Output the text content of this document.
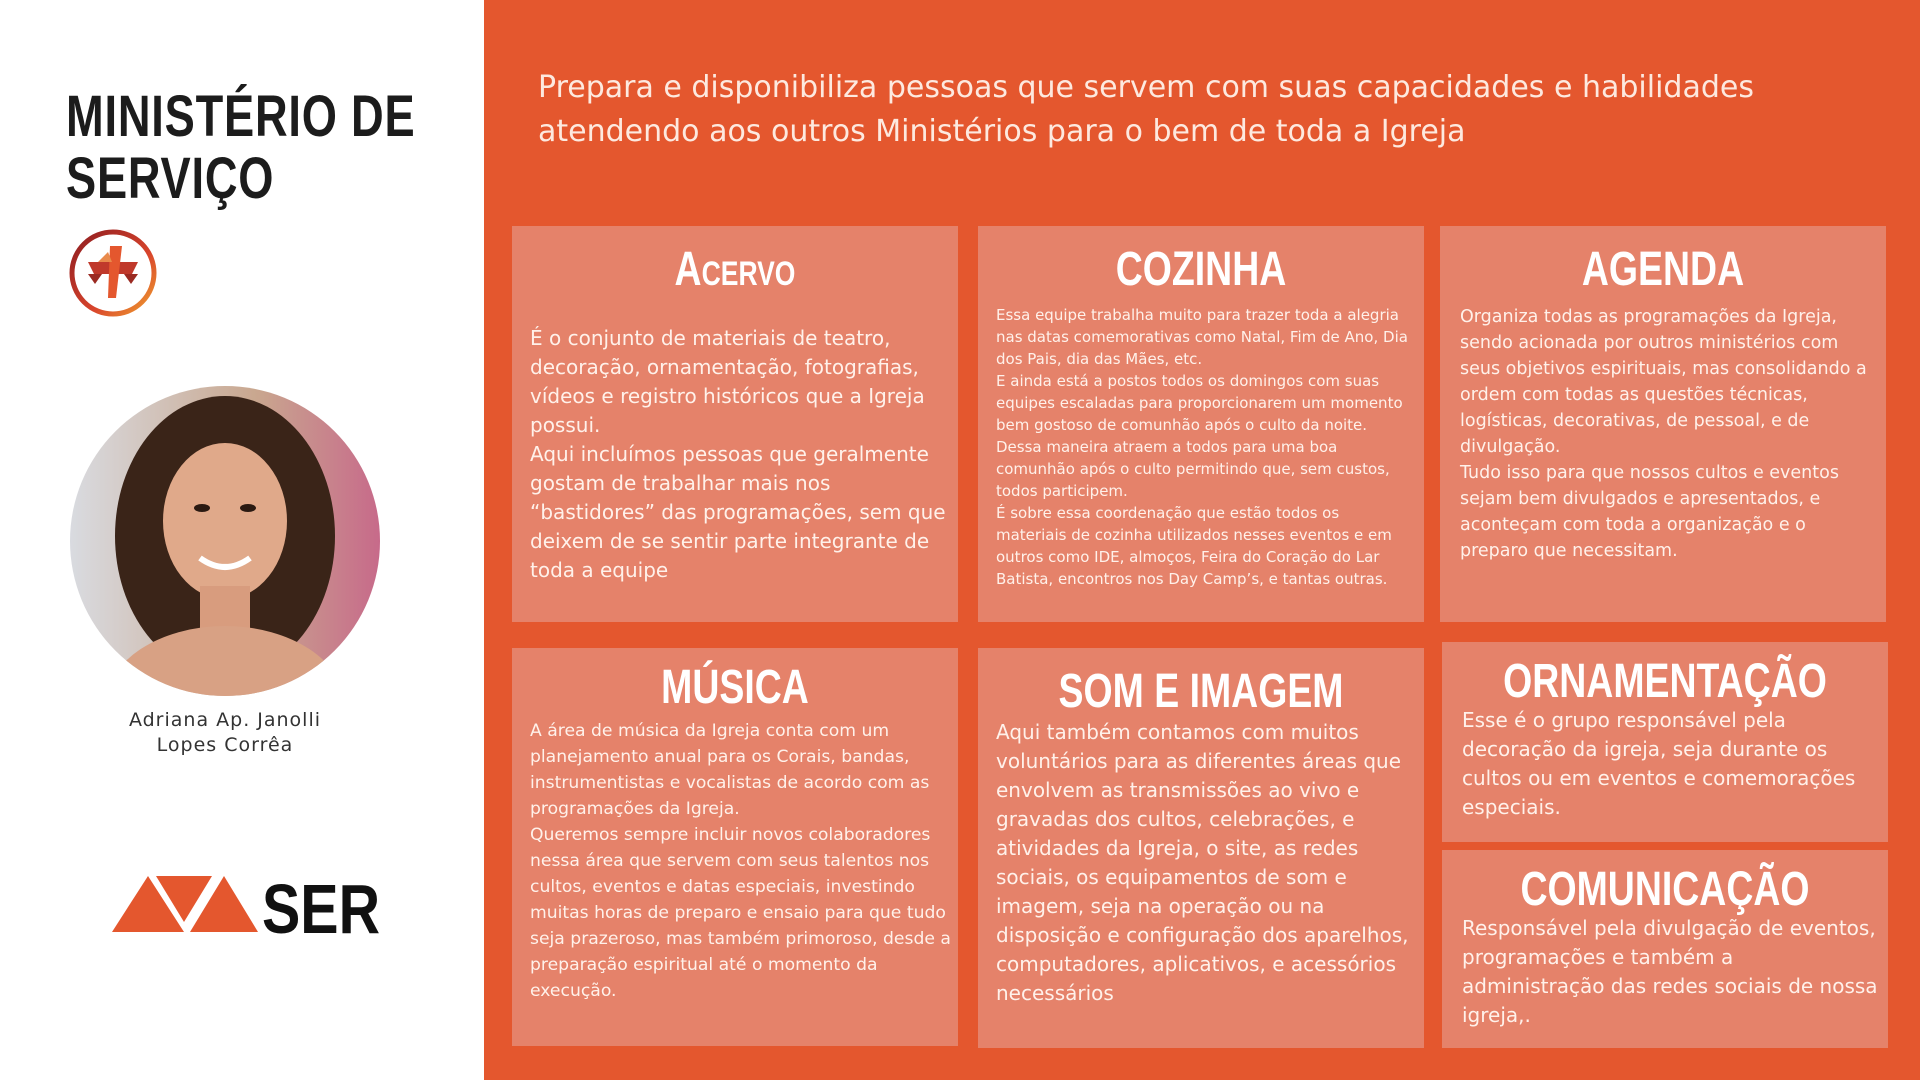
MINISTÉRIO DE
SERVIÇO
Adriana Ap. Janolli
Lopes Corrêa
SER
Prepara e disponibiliza pessoas que servem com suas capacidades e habilidades atendendo aos outros Ministérios para o bem de toda a Igreja
Acervo
É o conjunto de materiais de teatro, decoração, ornamentação, fotografias, vídeos e registro históricos que a Igreja possui.
Aqui incluímos pessoas que geralmente gostam de trabalhar mais nos “bastidores” das programações, sem que deixem de se sentir parte integrante de toda a equipe
COZINHA
Essa equipe trabalha muito para trazer toda a alegria nas datas comemorativas como Natal, Fim de Ano, Dia dos Pais, dia das Mães, etc.
E ainda está a postos todos os domingos com suas equipes escaladas para proporcionarem um momento bem gostoso de comunhão após o culto da noite. Dessa maneira atraem a todos para uma boa comunhão após o culto permitindo que, sem custos, todos participem.
É sobre essa coordenação que estão todos os materiais de cozinha utilizados nesses eventos e em outros como IDE, almoços, Feira do Coração do Lar Batista, encontros nos Day Camp’s, e tantas outras.
AGENDA
Organiza todas as programações da Igreja, sendo acionada por outros ministérios com seus objetivos espirituais, mas consolidando a ordem com todas as questões técnicas, logísticas, decorativas, de pessoal, e de divulgação.
Tudo isso para que nossos cultos e eventos sejam bem divulgados e apresentados, e aconteçam com toda a organização e o preparo que necessitam.
MÚSICA
A área de música da Igreja conta com um planejamento anual para os Corais, bandas, instrumentistas e vocalistas de acordo com as programações da Igreja.
Queremos sempre incluir novos colaboradores nessa área que servem com seus talentos nos cultos, eventos e datas especiais, investindo muitas horas de preparo e ensaio para que tudo seja prazeroso, mas também primoroso, desde a preparação espiritual até o momento da execução.
SOM E IMAGEM
Aqui também contamos com muitos voluntários para as diferentes áreas que envolvem as transmissões ao vivo e gravadas dos cultos, celebrações, e atividades da Igreja, o site, as redes sociais, os equipamentos de som e imagem, seja na operação ou na disposição e configuração dos aparelhos, computadores, aplicativos, e acessórios necessários
ORNAMENTAÇÃO
Esse é o grupo responsável pela decoração da igreja, seja durante os cultos ou em eventos e comemorações especiais.
COMUNICAÇÃO
Responsável pela divulgação de eventos, programações e também a administração das redes sociais de nossa igreja,.
